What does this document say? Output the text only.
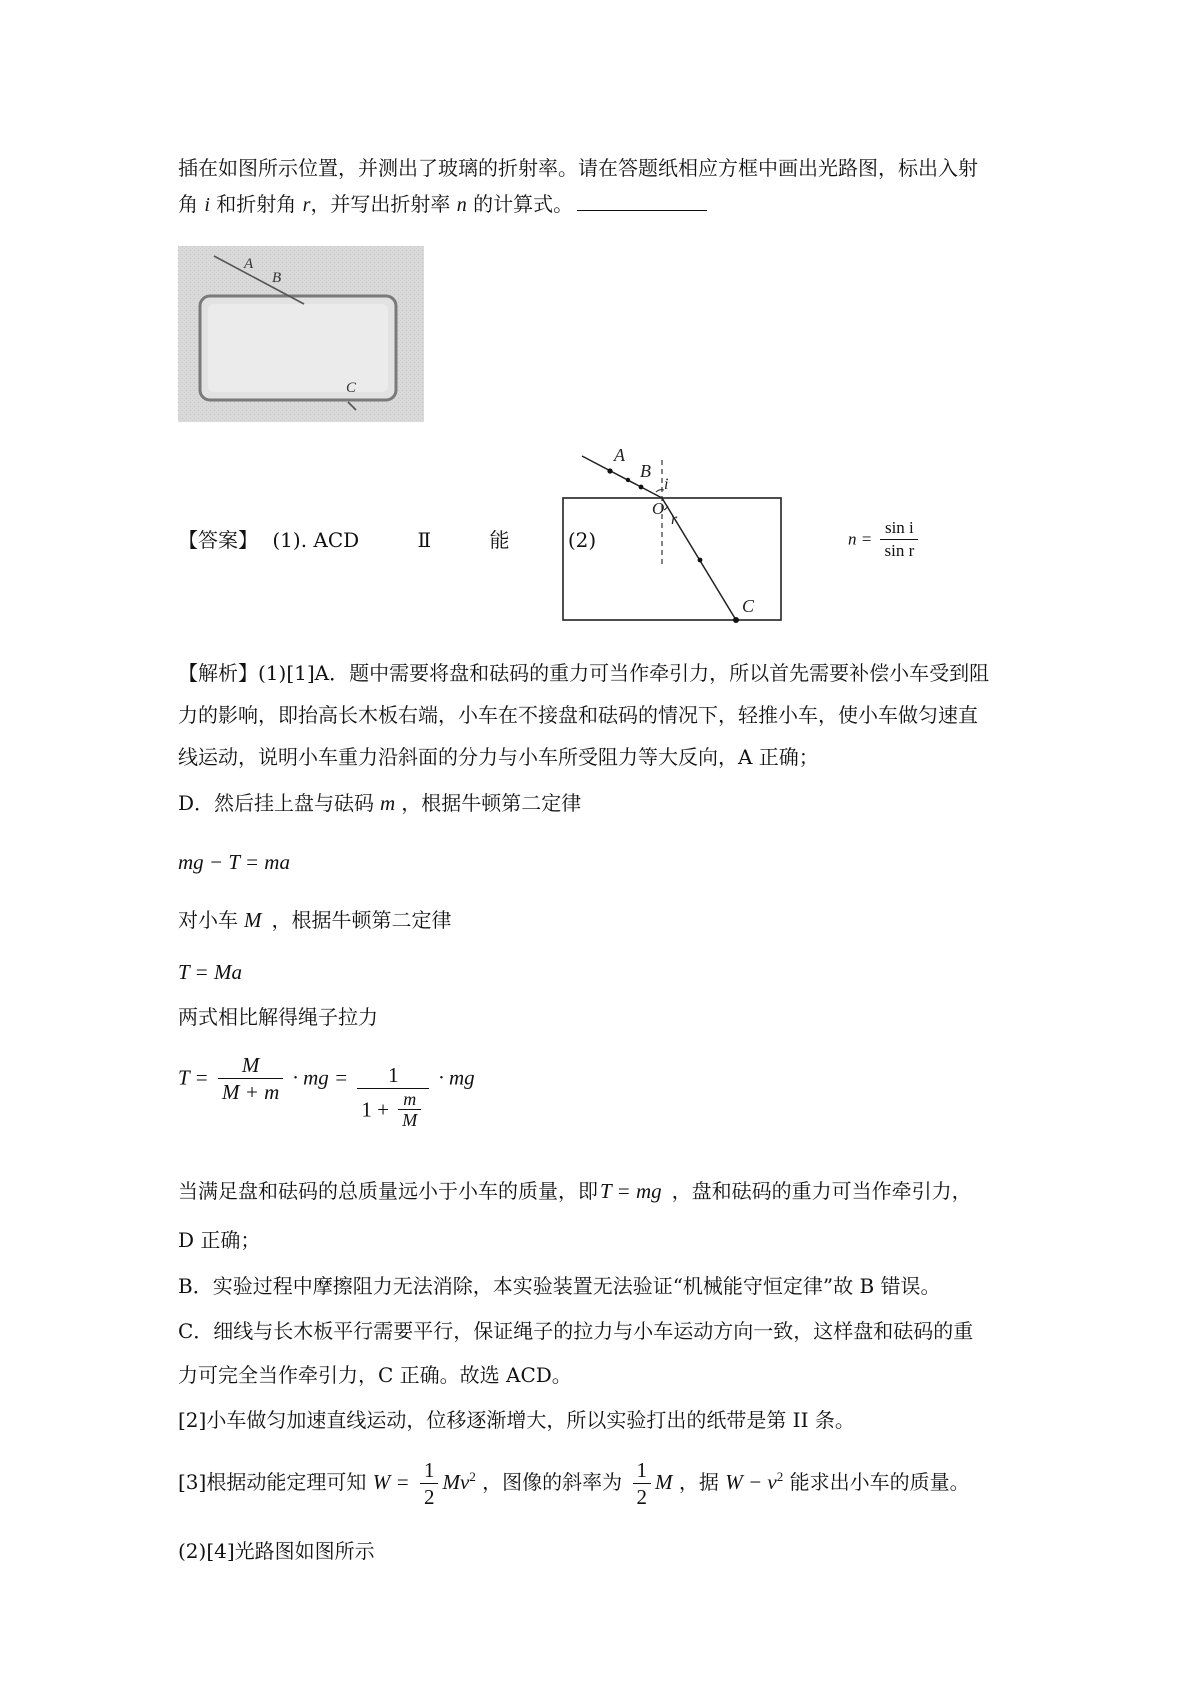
插在如图所示位置，并测出了玻璃的折射率。请在答题纸相应方框中画出光路图，标出入射
角 i 和折射角 r，并写出折射率 n 的计算式。
A
B
C
【答案】 (1). ACD	Ⅱ	能	(2)
A
B
O
i
r
C
$n = \frac{\text{sin i}}{\text{sin r}}$
【解析】(1)[1]A．题中需要将盘和砝码的重力可当作牵引力，所以首先需要补偿小车受到阻
力的影响，即抬高长木板右端，小车在不接盘和砝码的情况下，轻推小车，使小车做匀速直
线运动，说明小车重力沿斜面的分力与小车所受阻力等大反向，A 正确；
D．然后挂上盘与砝码 m ，根据牛顿第二定律
mg − T = ma
对小车 M ，根据牛顿第二定律
T = Ma
两式相比解得绳子拉力
$T = \frac{M}{M + m}$ · mg = $\frac{1}{1 + \frac{m}{M}}$ · mg
当满足盘和砝码的总质量远小于小车的质量，即T = mg ，盘和砝码的重力可当作牵引力，
D 正确；
B．实验过程中摩擦阻力无法消除，本实验装置无法验证“机械能守恒定律”故 B 错误。
C．细线与长木板平行需要平行，保证绳子的拉力与小车运动方向一致，这样盘和砝码的重
力可完全当作牵引力，C 正确。故选 ACD。
[2]小车做匀加速直线运动，位移逐渐增大，所以实验打出的纸带是第 II 条。
[3]根据动能定理可知 $W = \frac{1}{2} Mv^2$ ，图像的斜率为 $\frac{1}{2}$ M ，据 $W - v^2$ 能求出小车的质量。
(2)[4]光路图如图所示
